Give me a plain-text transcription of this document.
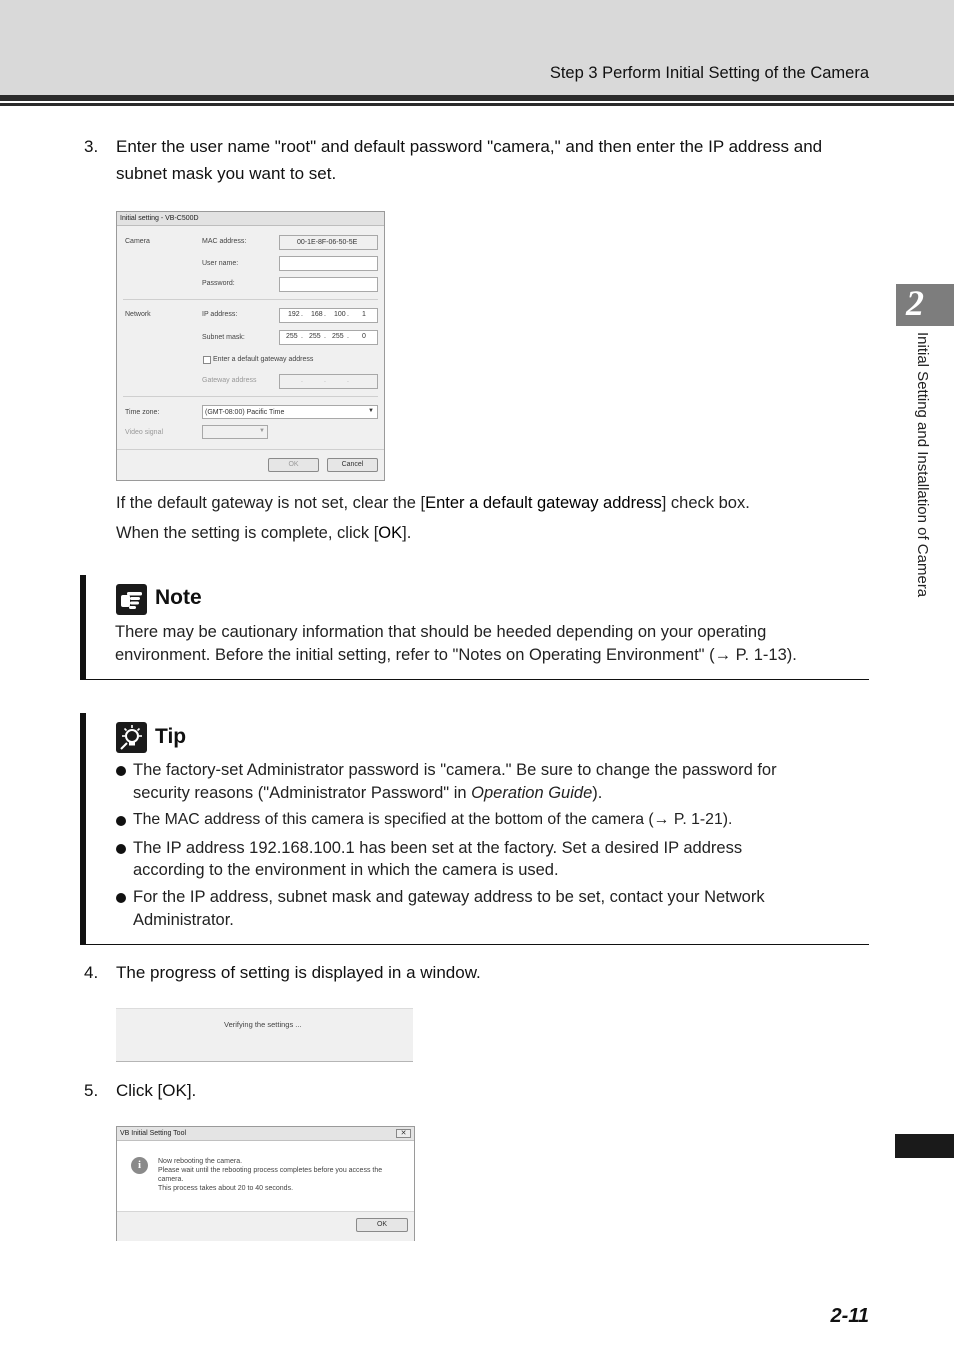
Step 3 Perform Initial Setting of the Camera
2
Initial Setting and Installation of Camera
3. Enter the user name "root" and default password "camera," and then enter the IP address and
subnet mask you want to set.
Initial setting - VB-C500D
Camera	MAC address:	00-1E-8F-06-50-5E
User name:
Password:
Network	IP address:	192 . 168 . 100 . 1
Subnet mask:	255 . 255 . 255 . 0
Enter a default gateway address
Gateway address	.	.	.
Time zone:	(GMT-08:00) Pacific Time	▼
Video signal	▼
OK	Cancel
If the default gateway is not set, clear the [Enter a default gateway address] check box.
When the setting is complete, click [OK].
Note
There may be cautionary information that should be heeded depending on your operating
environment. Before the initial setting, refer to "Notes on Operating Environment" (→ P. 1-13).
Tip
The factory-set Administrator password is "camera." Be sure to change the password for
security reasons ("Administrator Password" in Operation Guide).
The MAC address of this camera is specified at the bottom of the camera (→ P. 1-21).
The IP address 192.168.100.1 has been set at the factory. Set a desired IP address
according to the environment in which the camera is used.
For the IP address, subnet mask and gateway address to be set, contact your Network
Administrator.
4. The progress of setting is displayed in a window.
Verifying the settings ...
5. Click [OK].
VB Initial Setting Tool	✕
i	Now rebooting the camera.
Please wait until the rebooting process completes before you access the
camera.
This process takes about 20 to 40 seconds.
OK
2-11
